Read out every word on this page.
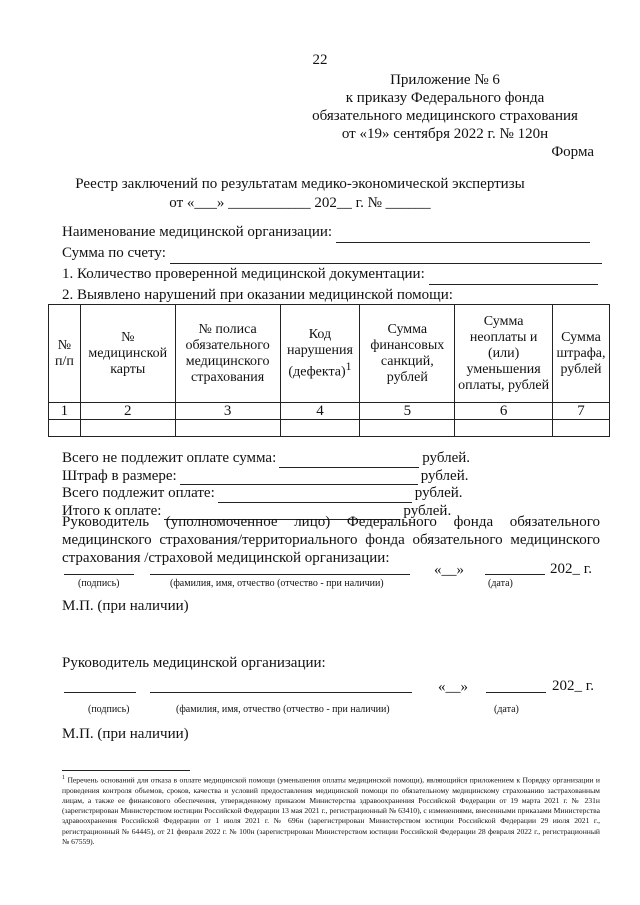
22
Приложение № 6
к приказу Федерального фонда
обязательного медицинского страхования
от «19» сентября 2022 г. № 120н
Форма
Реестр заключений по результатам медико-экономической экспертизы
от «___» ___________ 202__ г. № ______
Наименование медицинской организации:
Сумма по счету:
1. Количество проверенной медицинской документации:
2. Выявлено нарушений при оказании медицинской помощи:
№ п/п	№ медицинской карты	№ полиса обязательного медицинского страхования	Код нарушения (дефекта)$^1$	Сумма финансовых санкций, рублей	Сумма неоплаты и (или) уменьшения оплаты, рублей	Сумма штрафа, рублей
1	2	3	4	5	6	7

Всего не подлежит оплате сумма:	рублей.
Штраф в размере:	рублей.
Всего подлежит оплате:	рублей.
Итого к оплате:	рублей.
Руководитель (уполномоченное лицо) Федерального фонда обязательного медицинского страхования/территориального фонда обязательного медицинского страхования /страховой медицинской организации:
«__»	202_ г.
(подпись)	(фамилия, имя, отчество (отчество - при наличии)	(дата)
М.П. (при наличии)
Руководитель медицинской организации:
«__»	202_ г.
(подпись)	(фамилия, имя, отчество (отчество - при наличии)	(дата)
М.П. (при наличии)
$^1$ Перечень оснований для отказа в оплате медицинской помощи (уменьшения оплаты медицинской помощи), являющийся приложением к Порядку организации и проведения контроля объемов, сроков, качества и условий предоставления медицинской помощи по обязательному медицинскому страхованию застрахованным лицам, а также ее финансового обеспечения, утвержденному приказом Министерства здравоохранения Российской Федерации от 19 марта 2021 г. № 231н (зарегистрирован Министерством юстиции Российской Федерации 13 мая 2021 г., регистрационный № 63410), с изменениями, внесенными приказами Министерства здравоохранения Российской Федерации от 1 июля 2021 г. № 696н (зарегистрирован Министерством юстиции Российской Федерации 29 июля 2021 г., регистрационный № 64445), от 21 февраля 2022 г. № 100н (зарегистрирован Министерством юстиции Российской Федерации 28 февраля 2022 г., регистрационный № 67559).
